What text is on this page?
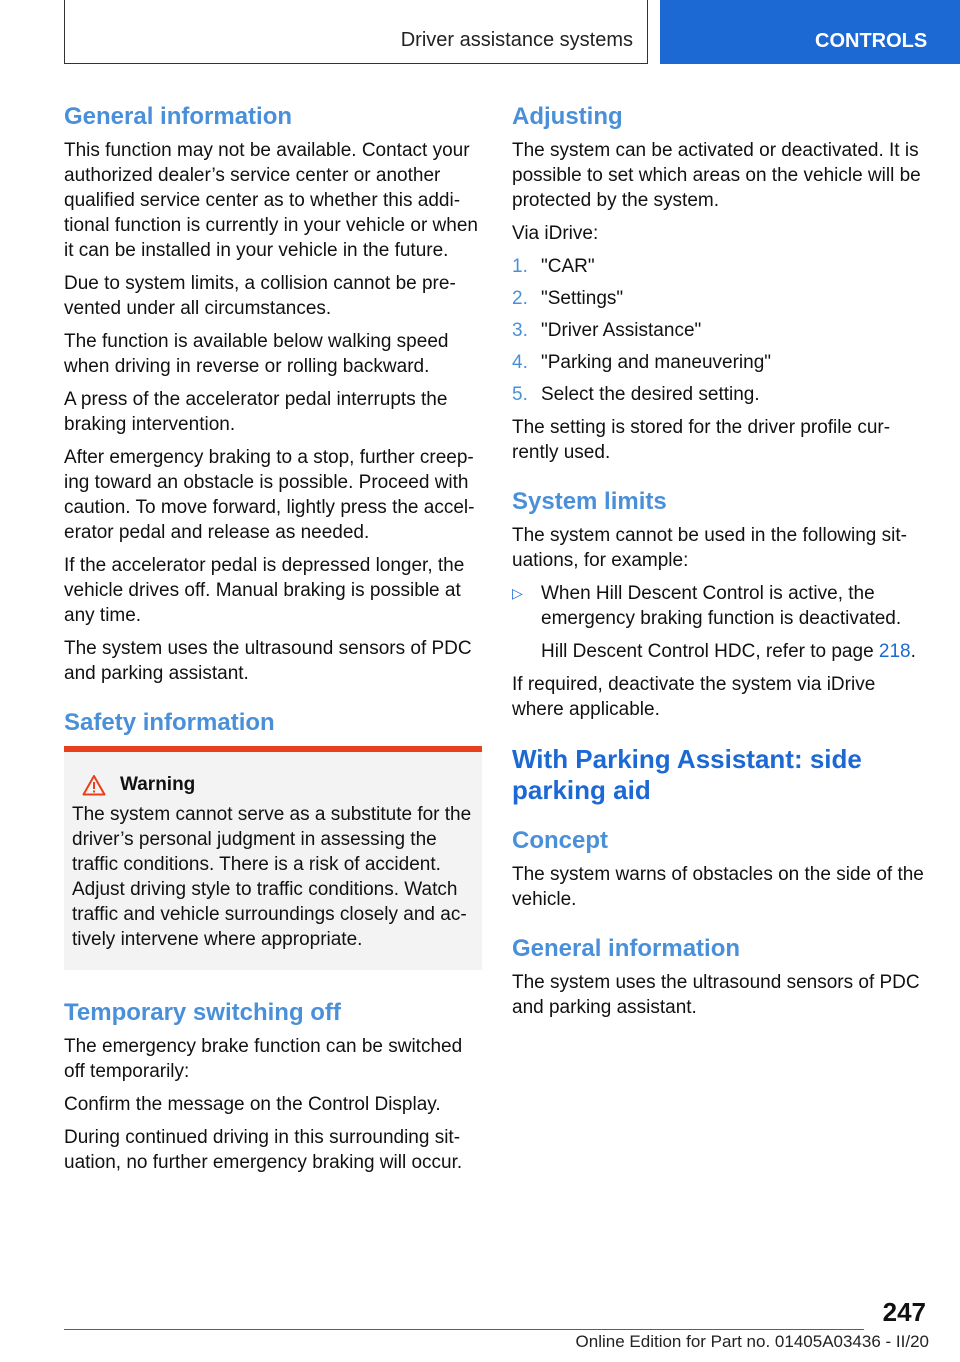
Driver assistance systems	CONTROLS
General information

This function may not be available. Contact your authorized dealer’s service center or another qualified service center as to whether this addi-tional function is currently in your vehicle or when it can be installed in your vehicle in the future.

Due to system limits, a collision cannot be pre-vented under all circumstances.

The function is available below walking speed when driving in reverse or rolling backward.

A press of the accelerator pedal interrupts the braking intervention.

After emergency braking to a stop, further creep-ing toward an obstacle is possible. Proceed with caution. To move forward, lightly press the accel-erator pedal and release as needed.

If the accelerator pedal is depressed longer, the vehicle drives off. Manual braking is possible at any time.

The system uses the ultrasound sensors of PDC and parking assistant.

Safety information
Warning

The system cannot serve as a substitute for the driver’s personal judgment in assessing the traffic conditions. There is a risk of accident. Adjust driving style to traffic conditions. Watch traffic and vehicle surroundings closely and ac-tively intervene where appropriate.

Temporary switching off

The emergency brake function can be switched off temporarily:

Confirm the message on the Control Display.

During continued driving in this surrounding sit-uation, no further emergency braking will occur.

Adjusting

The system can be activated or deactivated. It is possible to set which areas on the vehicle will be protected by the system.

Via iDrive:

1. "CAR"
2. "Settings"
3. "Driver Assistance"
4. "Parking and maneuvering"
5. Select the desired setting.

The setting is stored for the driver profile cur-rently used.

System limits

The system cannot be used in the following sit-uations, for example:

▷ When Hill Descent Control is active, the emergency braking function is deactivated.

Hill Descent Control HDC, refer to page 218.

If required, deactivate the system via iDrive where applicable.

With Parking Assistant: side parking aid
Concept

The system warns of obstacles on the side of the vehicle.

General information

The system uses the ultrasound sensors of PDC and parking assistant.

247
Online Edition for Part no. 01405A03436 - II/20
